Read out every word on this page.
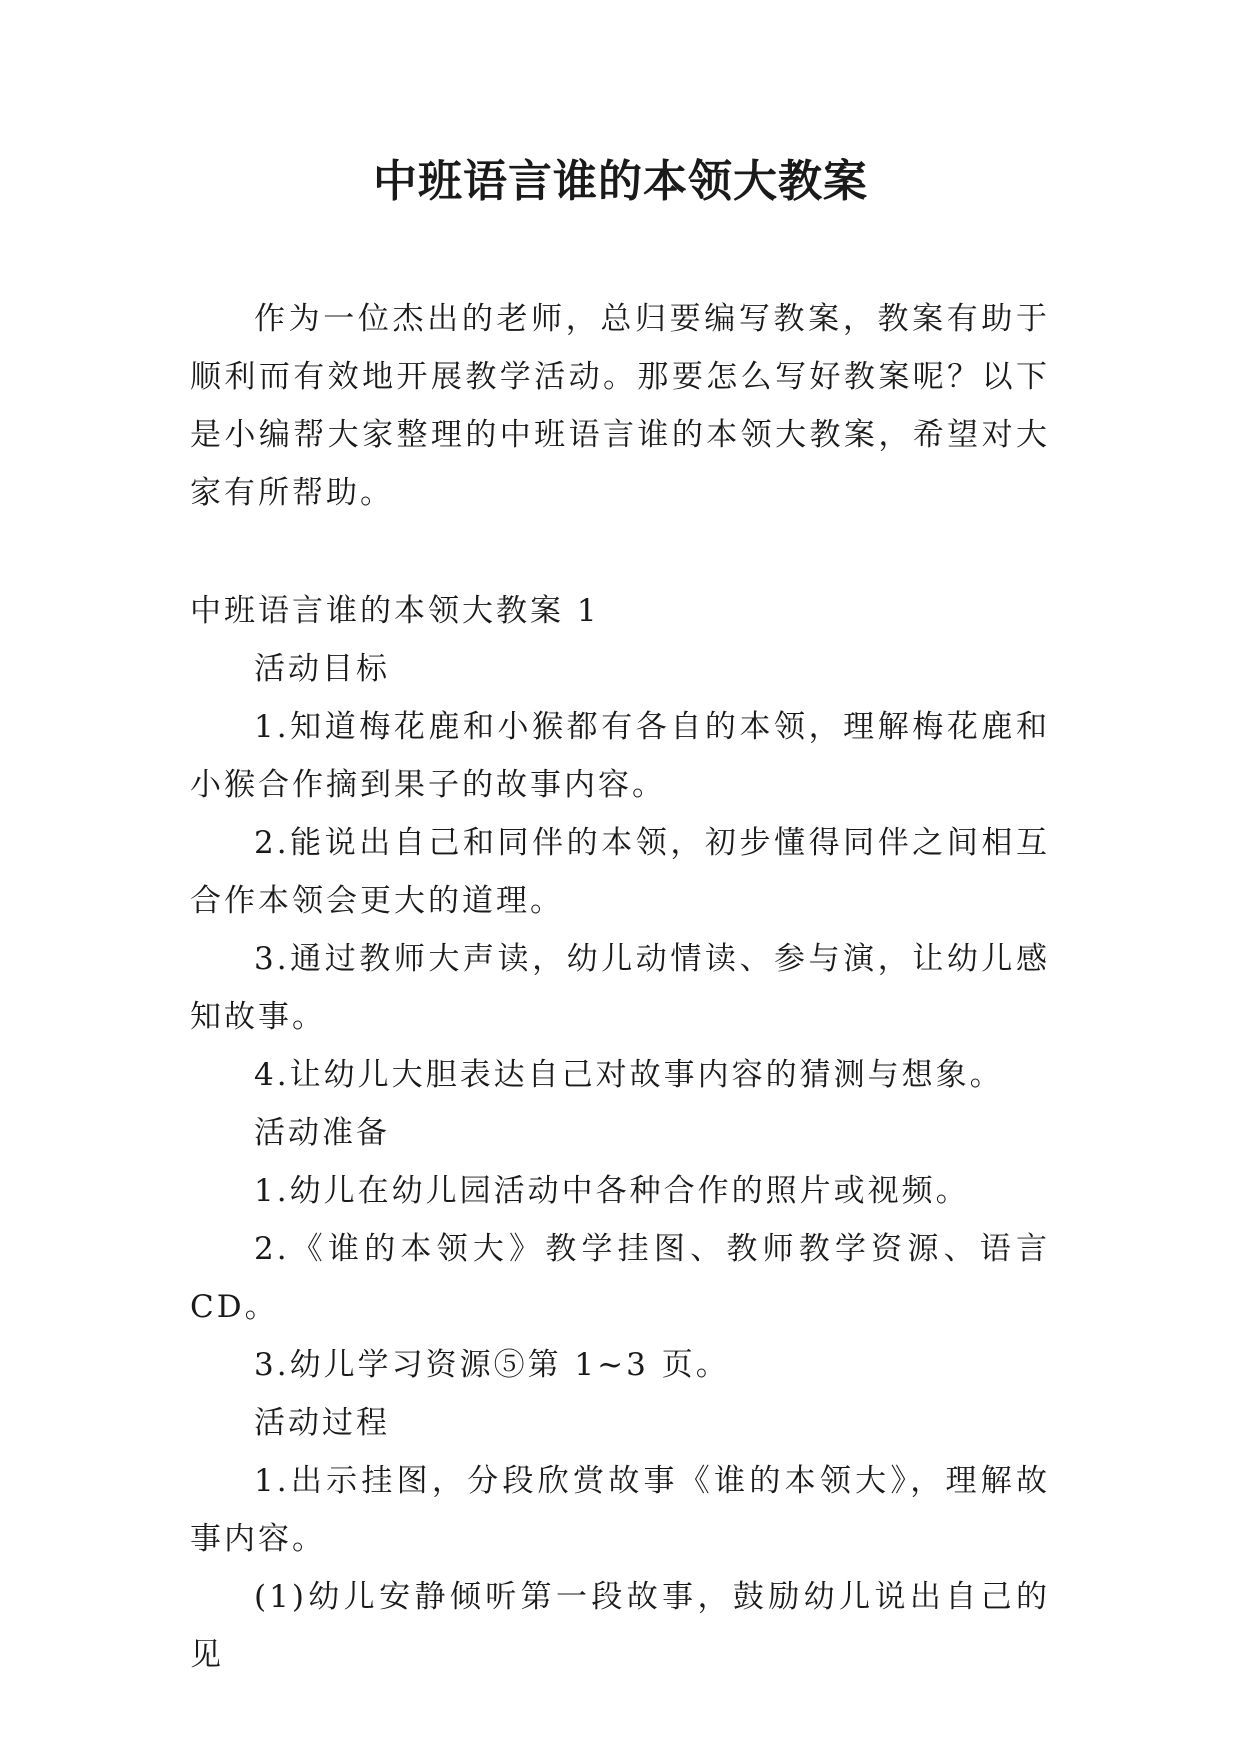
中班语言谁的本领大教案

作为一位杰出的老师，总归要编写教案，教案有助于顺利而有效地开展教学活动。那要怎么写好教案呢？以下是小编帮大家整理的中班语言谁的本领大教案，希望对大家有所帮助。

中班语言谁的本领大教案 1

活动目标

1.知道梅花鹿和小猴都有各自的本领，理解梅花鹿和小猴合作摘到果子的故事内容。

2.能说出自己和同伴的本领，初步懂得同伴之间相互合作本领会更大的道理。

3.通过教师大声读，幼儿动情读、参与演，让幼儿感知故事。

4.让幼儿大胆表达自己对故事内容的猜测与想象。

活动准备

1.幼儿在幼儿园活动中各种合作的照片或视频。

2.《谁的本领大》教学挂图、教师教学资源、语言 CD。

3.幼儿学习资源⑤第 1~3 页。

活动过程

1.出示挂图，分段欣赏故事《谁的本领大》，理解故事内容。

(1)幼儿安静倾听第一段故事，鼓励幼儿说出自己的见
